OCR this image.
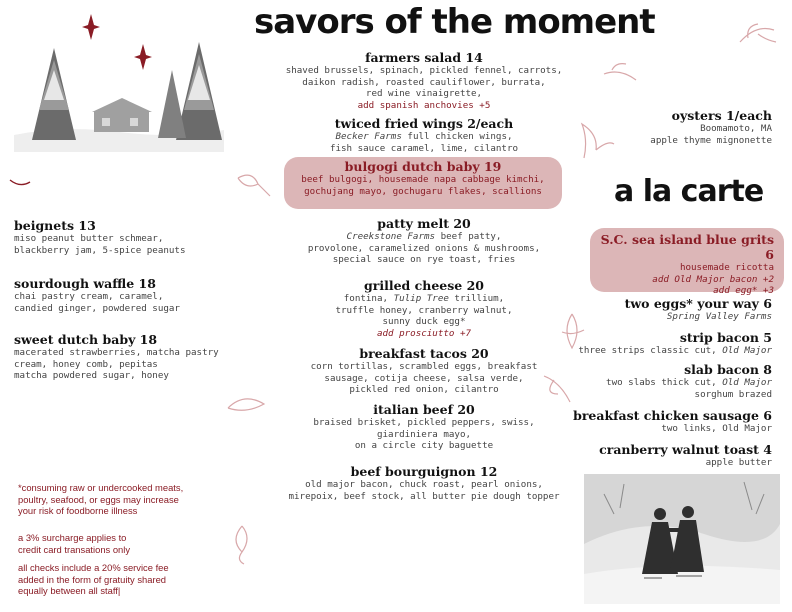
savors of the moment
a la carte
farmers salad 14
shaved brussels, spinach, pickled fennel, carrots,
daikon radish, roasted cauliflower, burrata,
red wine vinaigrette,
add spanish anchovies +5
twiced fried wings 2/each
Becker Farms full chicken wings,
fish sauce caramel, lime, cilantro
bulgogi dutch baby 19
beef bulgogi, housemade napa cabbage kimchi,
gochujang mayo, gochugaru flakes, scallions
patty melt 20
Creekstone Farms beef patty,
provolone, caramelized onions & mushrooms,
special sauce on rye toast, fries
grilled cheese 20
fontina, Tulip Tree trillium,
truffle honey, cranberry walnut,
sunny duck egg*
add prosciutto +7
breakfast tacos 20
corn tortillas, scrambled eggs, breakfast
sausage, cotija cheese, salsa verde,
pickled red onion, cilantro
italian beef 20
braised brisket, pickled peppers, swiss,
giardiniera mayo,
on a circle city baguette
beef bourguignon 12
old major bacon, chuck roast, pearl onions,
mirepoix, beef stock, all butter pie dough topper
beignets 13
miso peanut butter schmear,
blackberry jam, 5-spice peanuts
sourdough waffle 18
chai pastry cream, caramel,
candied ginger, powdered sugar
sweet dutch baby 18
macerated strawberries, matcha pastry
cream, honey comb, pepitas
matcha powdered sugar, honey
*consuming raw or undercooked meats,
poultry, seafood, or eggs may increase
your risk of foodborne illness
a 3% surcharge applies to
credit card transations only
all checks include a 20% service fee
added in the form of gratuity shared
equally between all staff|
oysters 1/each
Boomamoto, MA
apple thyme mignonette
S.C. sea island blue grits 6
housemade ricotta
add Old Major bacon +2
add egg* +3
two eggs* your way 6
Spring Valley Farms
strip bacon 5
three strips classic cut, Old Major
slab bacon 8
two slabs thick cut, Old Major
sorghum brazed
breakfast chicken sausage 6
two links, Old Major
cranberry walnut toast 4
apple butter
